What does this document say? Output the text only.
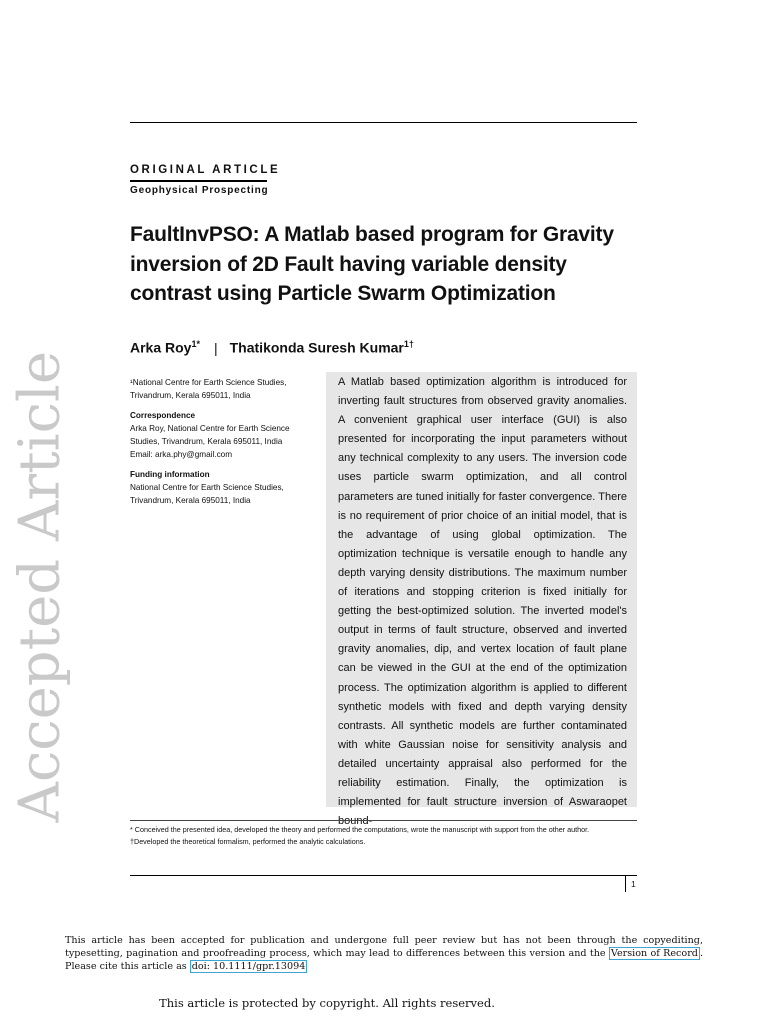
Accepted Article
ORIGINAL ARTICLE
Geophysical Prospecting
FaultInvPSO: A Matlab based program for Gravity inversion of 2D Fault having variable density contrast using Particle Swarm Optimization
Arka Roy$^{1*}$ | Thatikonda Suresh Kumar$^{1\dagger}$
¹National Centre for Earth Science Studies,
Trivandrum, Kerala 695011, India
Correspondence
Arka Roy, National Centre for Earth Science
Studies, Trivandrum, Kerala 695011, India
Email: arka.phy@gmail.com
Funding information
National Centre for Earth Science Studies,
Trivandrum, Kerala 695011, India
A Matlab based optimization algorithm is introduced for inverting fault structures from observed gravity anomalies. A convenient graphical user interface (GUI) is also presented for incorporating the input parameters without any technical complexity to any users. The inversion code uses particle swarm optimization, and all control parameters are tuned initially for faster convergence. There is no requirement of prior choice of an initial model, that is the advantage of using global optimization. The optimization technique is versatile enough to handle any depth varying density distributions. The maximum number of iterations and stopping criterion is fixed initially for getting the best-optimized solution. The inverted model's output in terms of fault structure, observed and inverted gravity anomalies, dip, and vertex location of fault plane can be viewed in the GUI at the end of the optimization process. The optimization algorithm is applied to different synthetic models with fixed and depth varying density contrasts. All synthetic models are further contaminated with white Gaussian noise for sensitivity analysis and detailed uncertainty appraisal also performed for the reliability estimation. Finally, the optimization is implemented for fault structure inversion of Aswaraopet bound-
* Conceived the presented idea, developed the theory and performed the computations, wrote the manuscript with support from the other author.
†Developed the theoretical formalism, performed the analytic calculations.
1
This article has been accepted for publication and undergone full peer review but has not been through the copyediting, typesetting, pagination and proofreading process, which may lead to differences between this version and the Version of Record . Please cite this article as doi: 10.1111/gpr.13094
This article is protected by copyright. All rights reserved.
